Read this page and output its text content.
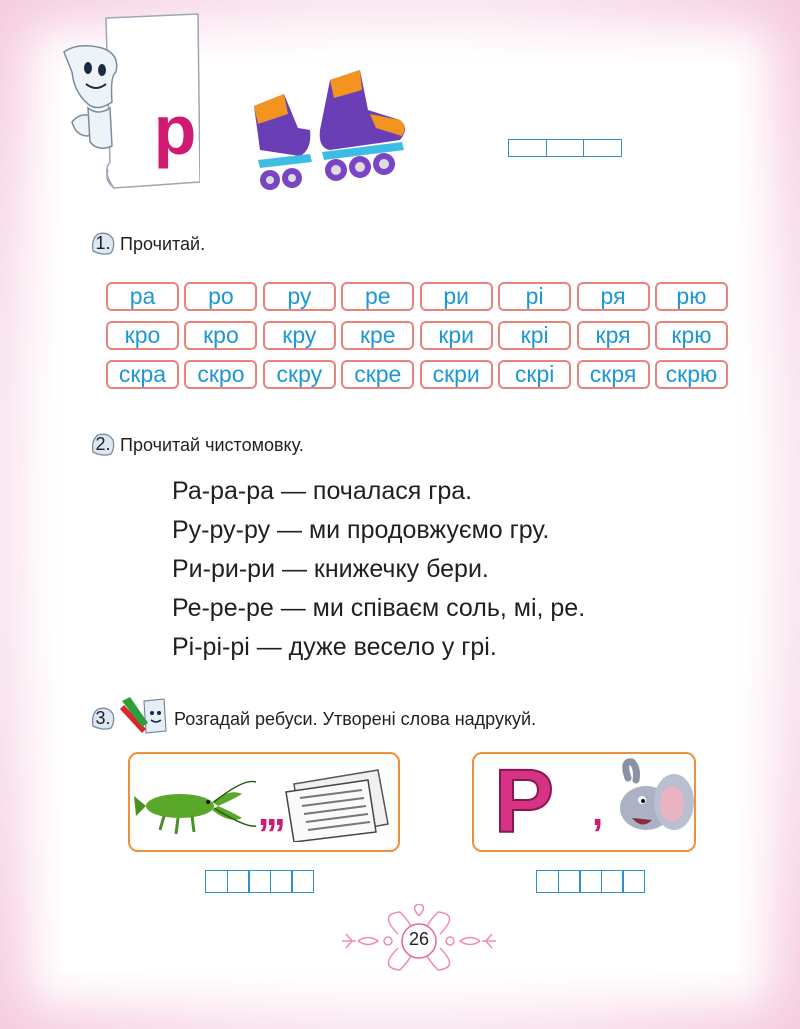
р
1. Прочитай.
ра	ро	ру	ре	ри	рі	ря	рю
кро	кро	кру	кре	кри	крі	кря	крю
скра	скро	скру	скре	скри	скрі	скря	скрю
2. Прочитай чистомовку.
Ра-ра-ра — почалася гра.
Ру-ру-ру — ми продовжуємо гру.
Ри-ри-ри — книжечку бери.
Ре-ре-ре — ми співаєм соль, мі, ре.
Рі-рі-рі — дуже весело у грі.
3.	Розгадай ребуси. Утворені слова надрукуй.
,,, Р ,
26
